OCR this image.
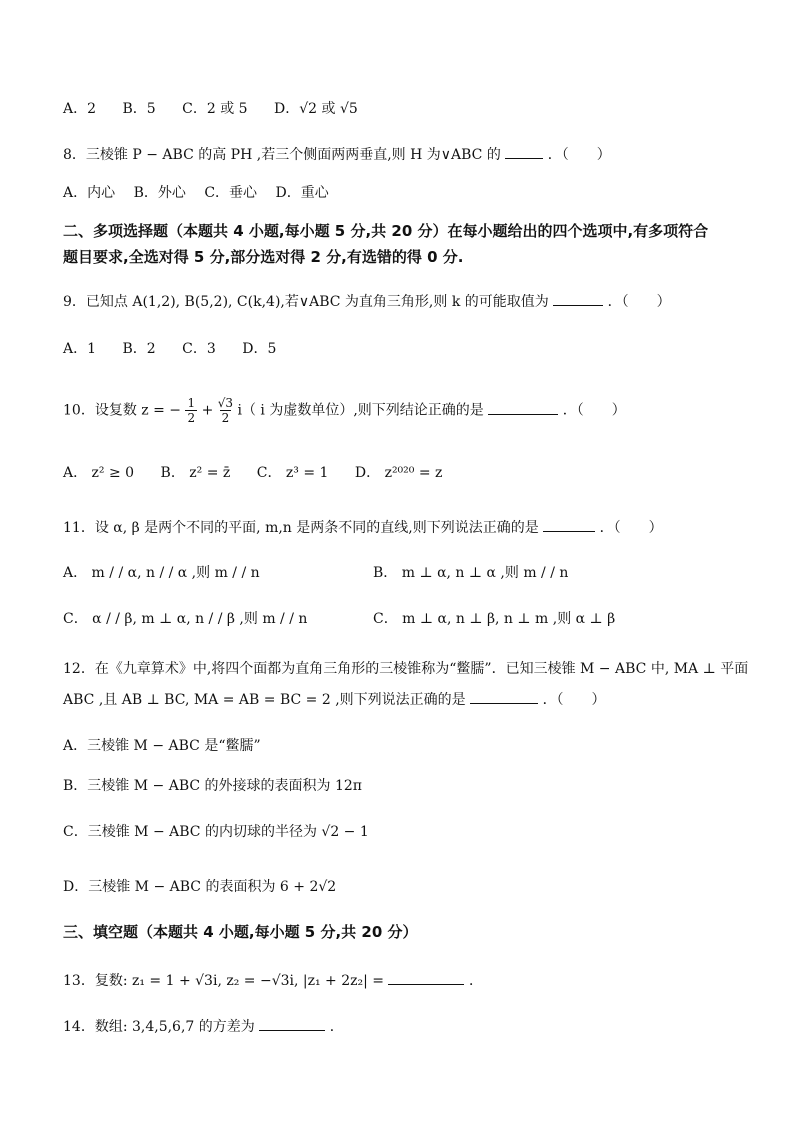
A．2 B．5 C．2 或 5 D．√2 或 √5
8．三棱锥 P − ABC 的高 PH ,若三个侧面两两垂直,则 H 为∨ABC 的	．（　　）
A．内心 B．外心 C．垂心 D．重心
二、多项选择题（本题共 4 小题,每小题 5 分,共 20 分）在每小题给出的四个选项中,有多项符合
题目要求,全选对得 5 分,部分选对得 2 分,有选错的得 0 分.
9．已知点 A(1,2), B(5,2), C(k,4),若∨ABC 为直角三角形,则 k 的可能取值为	．（　　）
A．1 B．2 C．3 D．5
10．设复数 z = − $\frac{1}{2} + \frac{√3}{2} i$（ i 为虚数单位）,则下列结论正确的是	．（　　）
A． z² ≥ 0 B． z² = z̄ C． z³ = 1 D． z²⁰²⁰ = z
11．设 α, β 是两个不同的平面, m,n 是两条不同的直线,则下列说法正确的是	．（　　）
A． m / / α, n / / α ,则 m / / n	B． m ⊥ α, n ⊥ α ,则 m / / n
C． α / / β, m ⊥ α, n / / β ,则 m / / n	C． m ⊥ α, n ⊥ β, n ⊥ m ,则 α ⊥ β
12．在《九章算术》中,将四个面都为直角三角形的三棱锥称为“鳖臑”．已知三棱锥 M − ABC 中, MA ⊥ 平面
ABC ,且 AB ⊥ BC, MA = AB = BC = 2 ,则下列说法正确的是	．（　　）
A．三棱锥 M − ABC 是“鳖臑”
B．三棱锥 M − ABC 的外接球的表面积为 12π
C．三棱锥 M − ABC 的内切球的半径为 √2 − 1
D．三棱锥 M − ABC 的表面积为 6 + 2√2
三、填空题（本题共 4 小题,每小题 5 分,共 20 分）
13．复数: z₁ = 1 + √3i, z₂ = −√3i, |z₁ + 2z₂| =	．
14．数组: 3,4,5,6,7 的方差为	．
